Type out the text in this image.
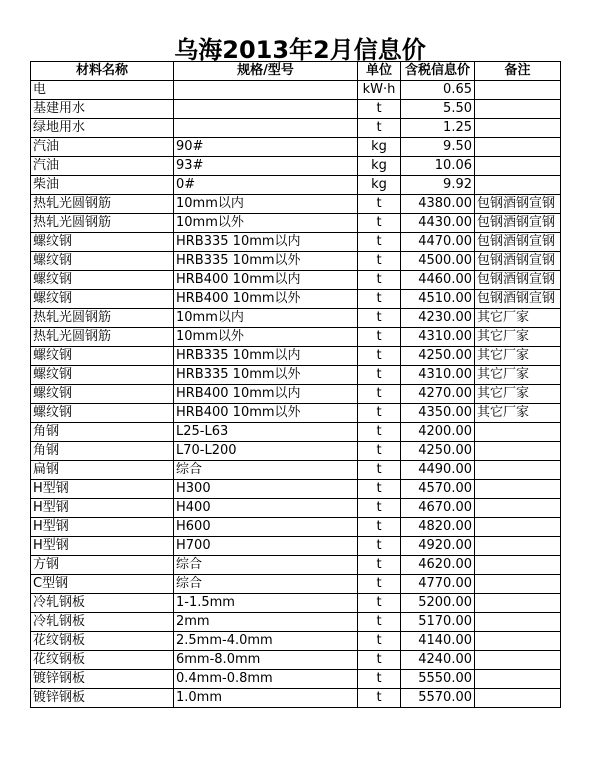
乌海2013年2月信息价
材料名称	规格/型号	单位	含税信息价	备注
电		kW·h	0.65	
基建用水		t	5.50	
绿地用水		t	1.25	
汽油	90#	kg	9.50	
汽油	93#	kg	10.06	
柴油	0#	kg	9.92	
热轧光圆钢筋	10mm以内	t	4380.00	包钢酒钢宣钢
热轧光圆钢筋	10mm以外	t	4430.00	包钢酒钢宣钢
螺纹钢	HRB335 10mm以内	t	4470.00	包钢酒钢宣钢
螺纹钢	HRB335 10mm以外	t	4500.00	包钢酒钢宣钢
螺纹钢	HRB400 10mm以内	t	4460.00	包钢酒钢宣钢
螺纹钢	HRB400 10mm以外	t	4510.00	包钢酒钢宣钢
热轧光圆钢筋	10mm以内	t	4230.00	其它厂家
热轧光圆钢筋	10mm以外	t	4310.00	其它厂家
螺纹钢	HRB335 10mm以内	t	4250.00	其它厂家
螺纹钢	HRB335 10mm以外	t	4310.00	其它厂家
螺纹钢	HRB400 10mm以内	t	4270.00	其它厂家
螺纹钢	HRB400 10mm以外	t	4350.00	其它厂家
角钢	L25-L63	t	4200.00	
角钢	L70-L200	t	4250.00	
扁钢	综合	t	4490.00	
H型钢	H300	t	4570.00	
H型钢	H400	t	4670.00	
H型钢	H600	t	4820.00	
H型钢	H700	t	4920.00	
方钢	综合	t	4620.00	
C型钢	综合	t	4770.00	
冷轧钢板	1-1.5mm	t	5200.00	
冷轧钢板	2mm	t	5170.00	
花纹钢板	2.5mm-4.0mm	t	4140.00	
花纹钢板	6mm-8.0mm	t	4240.00	
镀锌钢板	0.4mm-0.8mm	t	5550.00	
镀锌钢板	1.0mm	t	5570.00	
